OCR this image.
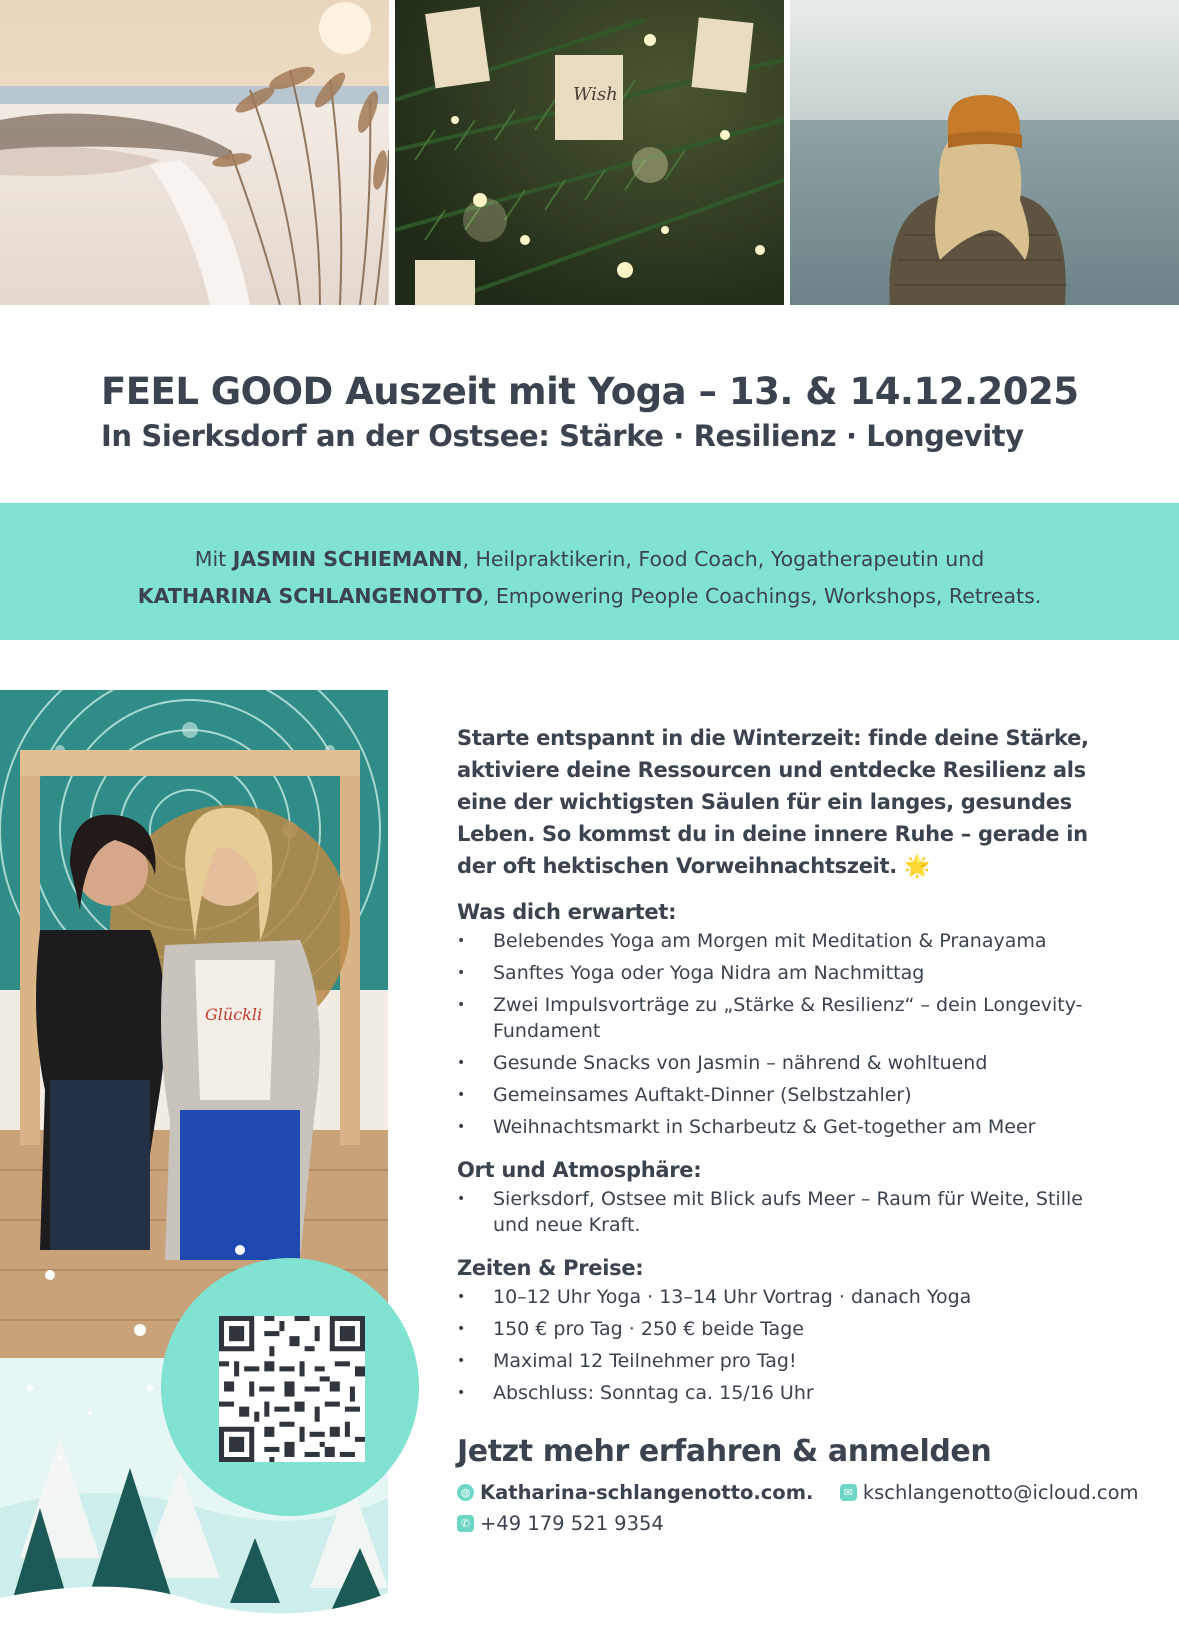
Wish
FEEL GOOD Auszeit mit Yoga – 13. & 14.12.2025
In Sierksdorf an der Ostsee: Stärke · Resilienz · Longevity
Mit JASMIN SCHIEMANN, Heilpraktikerin, Food Coach, Yogatherapeutin und
KATHARINA SCHLANGENOTTO, Empowering People Coachings, Workshops, Retreats.
Glückli

Starte entspannt in die Winterzeit: finde deine Stärke, aktiviere deine Ressourcen und entdecke Resilienz als eine der wichtigsten Säulen für ein langes, gesundes Leben. So kommst du in deine innere Ruhe – gerade in der oft hektischen Vorweihnachtszeit. 🌟

Was dich erwartet:
• Belebendes Yoga am Morgen mit Meditation & Pranayama
• Sanftes Yoga oder Yoga Nidra am Nachmittag
• Zwei Impulsvorträge zu „Stärke & Resilienz“ – dein Longevity-Fundament
• Gesunde Snacks von Jasmin – nährend & wohltuend
• Gemeinsames Auftakt-Dinner (Selbstzahler)
• Weihnachtsmarkt in Scharbeutz & Get-together am Meer
Ort und Atmosphäre:
• Sierksdorf, Ostsee mit Blick aufs Meer – Raum für Weite, Stille und neue Kraft.
Zeiten & Preise:
• 10–12 Uhr Yoga · 13–14 Uhr Vortrag · danach Yoga
• 150 € pro Tag · 250 € beide Tage
• Maximal 12 Teilnehmer pro Tag!
• Abschluss: Sonntag ca. 15/16 Uhr
Jetzt mehr erfahren & anmelden
◍ Katharina-schlangenotto.com.	✉ kschlangenotto@icloud.com
✆ +49 179 521 9354
